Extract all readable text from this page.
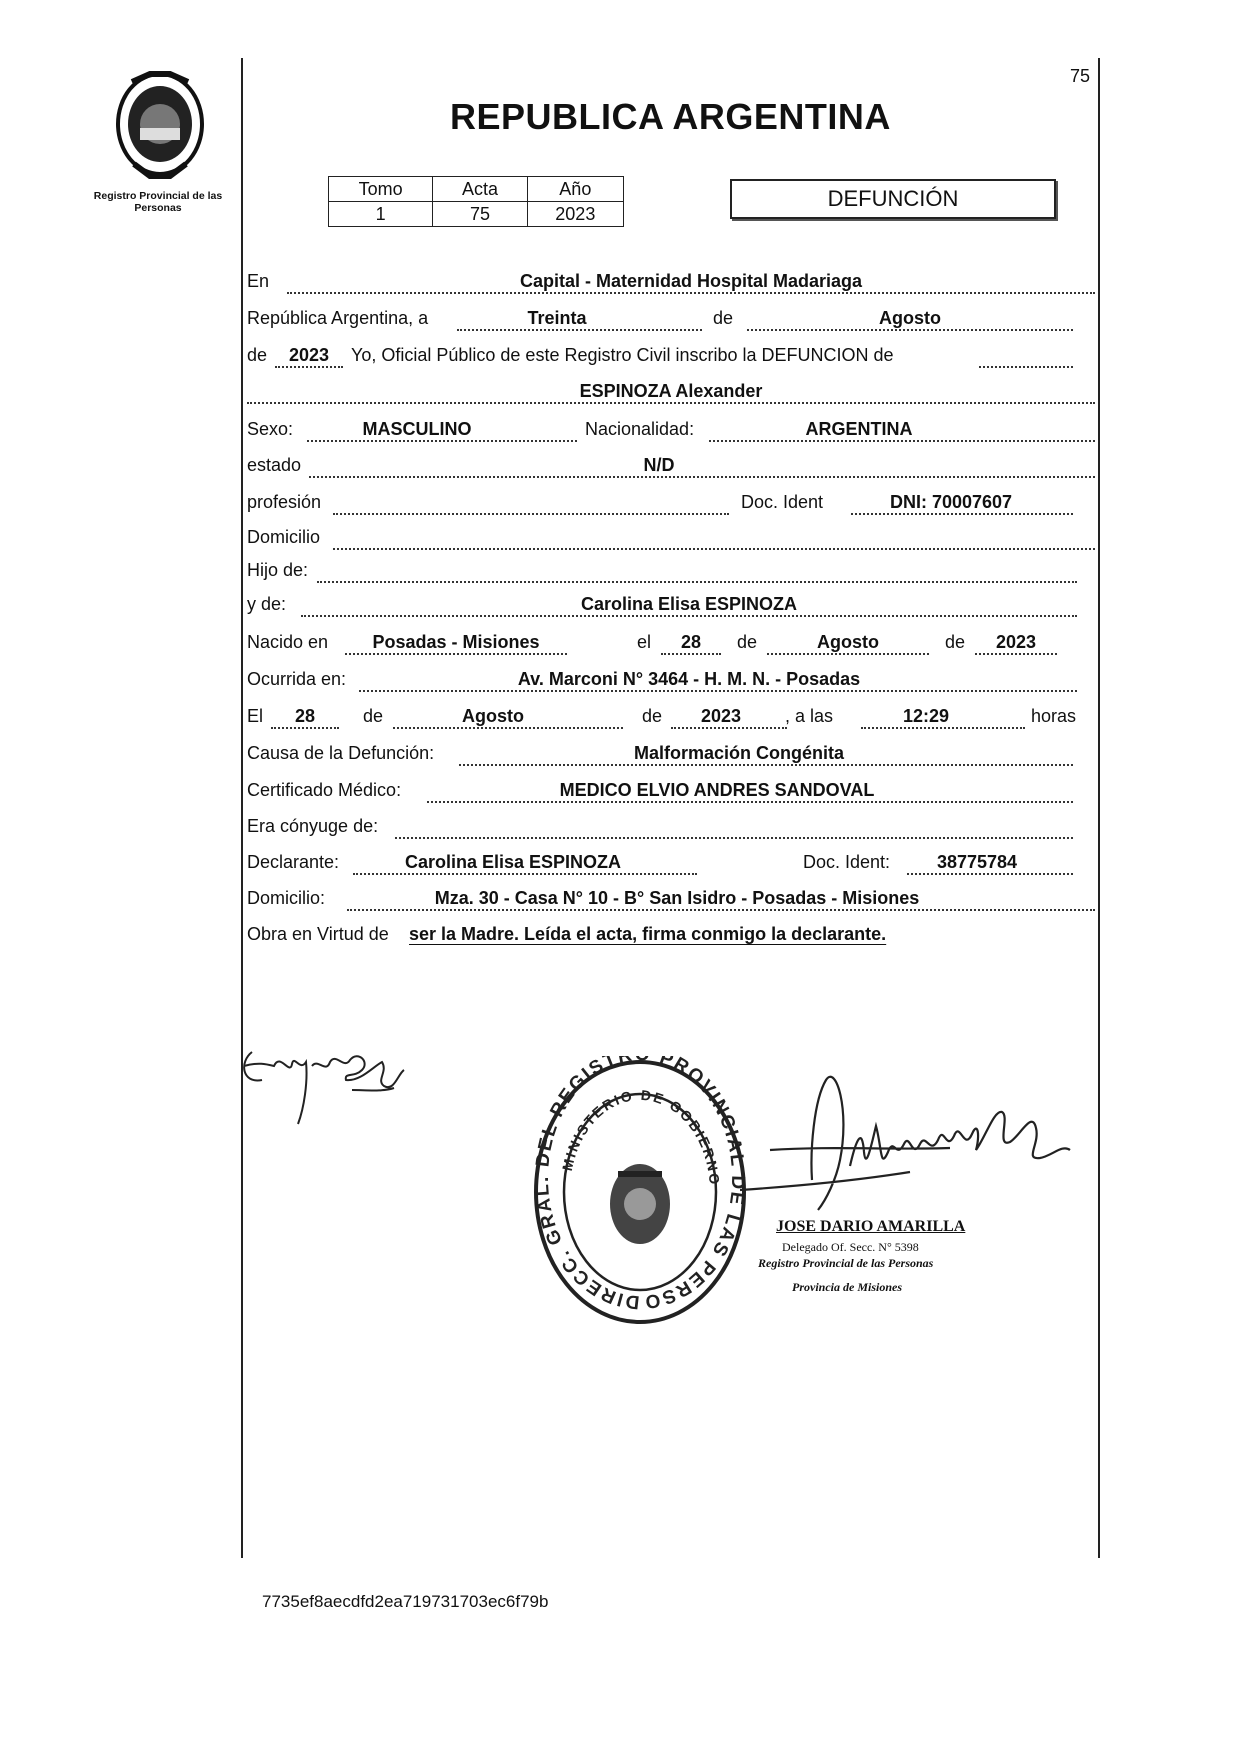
Registro Provincial de las Personas
75
REPUBLICA ARGENTINA
Tomo	Acta	Año
1	75	2023
DEFUNCIÓN
En	Capital - Maternidad Hospital Madariaga
República Argentina, a	Treinta	de	Agosto
de	2023	Yo, Oficial Público de este Registro Civil inscribo la DEFUNCION de
ESPINOZA Alexander
Sexo:	MASCULINO	Nacionalidad:	ARGENTINA
estado	N/D
profesión	Doc. Ident	DNI: 70007607
Domicilio
Hijo de:
y de:	Carolina Elisa ESPINOZA
Nacido en	Posadas - Misiones	el	28	de	Agosto	de	2023
Ocurrida en:	Av. Marconi N° 3464 - H. M. N. - Posadas
El	28	de	Agosto	de	2023	, a las	12:29	horas
Causa de la Defunción:	Malformación Congénita
Certificado Médico:	MEDICO ELVIO ANDRES SANDOVAL
Era cónyuge de:
Declarante:	Carolina Elisa ESPINOZA	Doc. Ident:	38775784
Domicilio:	Mza. 30 - Casa N° 10 - B° San Isidro - Posadas - Misiones
Obra en Virtud de ser la Madre. Leída el acta, firma conmigo la declarante.
DIRECC. GRAL. DEL REGIST PROVINCIAL DE LAS PERSO
MINISTERIO DE GOBIERNO
JOSE DARIO AMARILLA
Delegado Of. Secc. N° 5398
Registro Provincial de las Personas
Provincia de Misiones
7735ef8aecdfd2ea719731703ec6f79b
